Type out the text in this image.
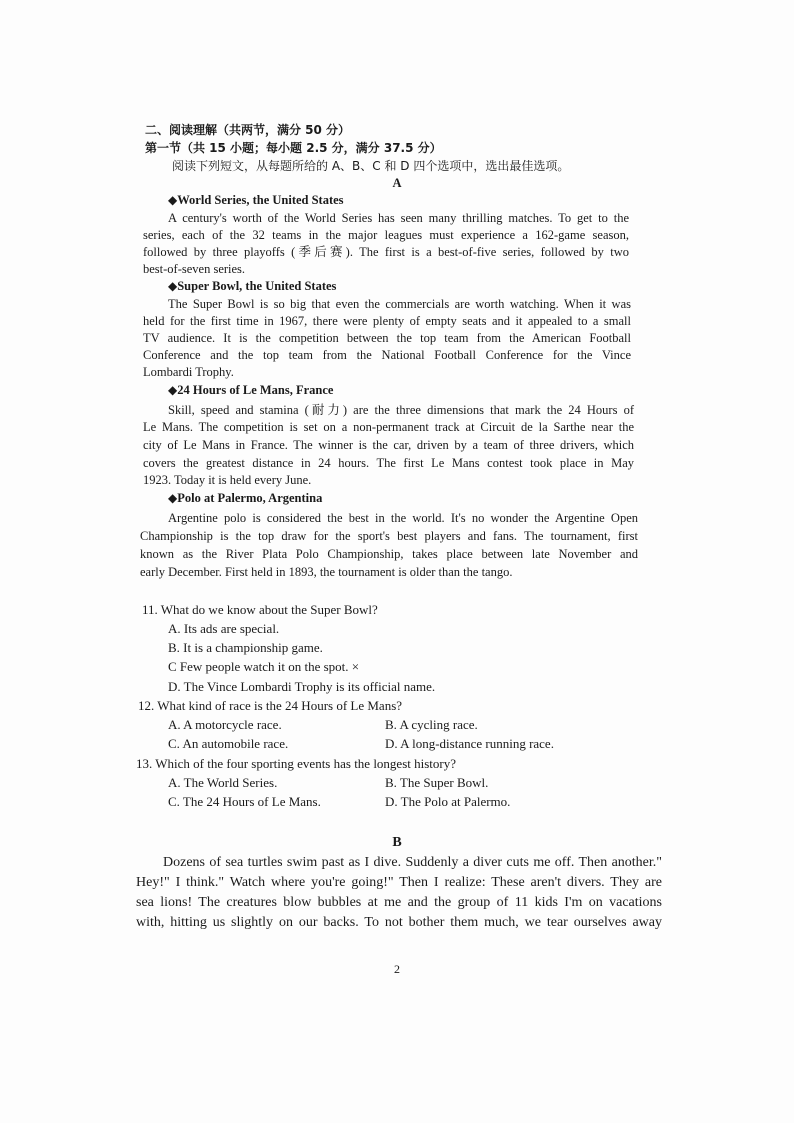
二、阅读理解（共两节，满分 50 分）
第一节（共 15 小题；每小题 2.5 分，满分 37.5 分）
阅读下列短文，从每题所给的 A、B、C 和 D 四个选项中，选出最佳选项。
A
◆World Series, the United States
A century's worth of the World Series has seen many thrilling matches. To get to the
series, each of the 32 teams in the major leagues must experience a 162-game season,
followed by three playoffs (季后赛). The first is a best-of-five series, followed by two
best-of-seven series.
◆Super Bowl, the United States
The Super Bowl is so big that even the commercials are worth watching. When it was
held for the first time in 1967, there were plenty of empty seats and it appealed to a small
TV audience. It is the competition between the top team from the American Football
Conference and the top team from the National Football Conference for the Vince
Lombardi Trophy.
◆24 Hours of Le Mans, France
Skill, speed and stamina (耐力) are the three dimensions that mark the 24 Hours of
Le Mans. The competition is set on a non-permanent track at Circuit de la Sarthe near the
city of Le Mans in France. The winner is the car, driven by a team of three drivers, which
covers the greatest distance in 24 hours. The first Le Mans contest took place in May
1923. Today it is held every June.
◆Polo at Palermo, Argentina
Argentine polo is considered the best in the world. It's no wonder the Argentine Open
Championship is the top draw for the sport's best players and fans. The tournament, first
known as the River Plata Polo Championship, takes place between late November and
early December. First held in 1893, the tournament is older than the tango.
11. What do we know about the Super Bowl?
A. Its ads are special.
B. It is a championship game.
C Few people watch it on the spot. ×
D. The Vince Lombardi Trophy is its official name.
12. What kind of race is the 24 Hours of Le Mans?
A. A motorcycle race.	B. A cycling race.
C. An automobile race.	D. A long-distance running race.
13. Which of the four sporting events has the longest history?
A. The World Series.	B. The Super Bowl.
C. The 24 Hours of Le Mans.	D. The Polo at Palermo.
B
Dozens of sea turtles swim past as I dive. Suddenly a diver cuts me off. Then another."
Hey!" I think." Watch where you're going!" Then I realize: These aren't divers. They are
sea lions! The creatures blow bubbles at me and the group of 11 kids I'm on vacations
with, hitting us slightly on our backs. To not bother them much, we tear ourselves away
2
